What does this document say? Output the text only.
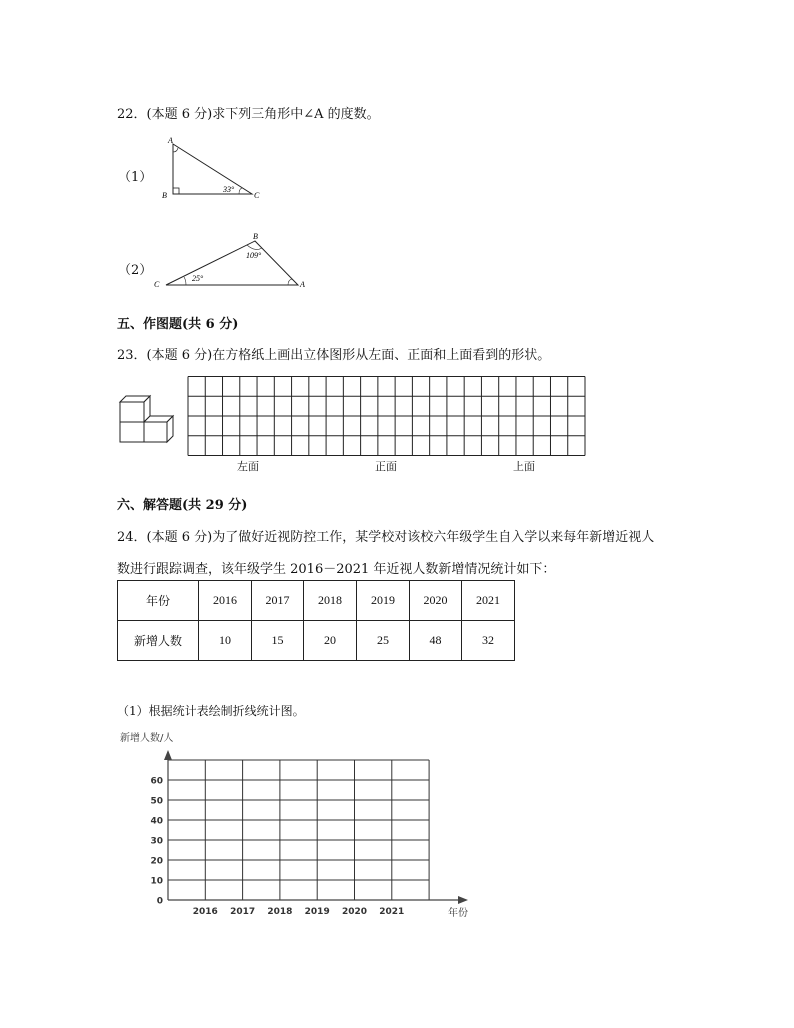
22．(本题 6 分)求下列三角形中∠A 的度数。
（1）
（2）
A
B	C
33°
B
C	A
109°
25°
五、作图题(共 6 分)
23．(本题 6 分)在方格纸上画出立体图形从左面、正面和上面看到的形状。
左面	正面	上面
六、解答题(共 29 分)
24．(本题 6 分)为了做好近视防控工作，某学校对该校六年级学生自入学以来每年新增近视人
数进行跟踪调查，该年级学生 2016－2021 年近视人数新增情况统计如下：
年份	2016	2017	2018	2019	2020	2021
新增人数	10	15	20	25	48	32
（1）根据统计表绘制折线统计图。
0
10
20
30
40
50
60
2016 2017 2018 2019 2020 2021
新增人数/人
年份
